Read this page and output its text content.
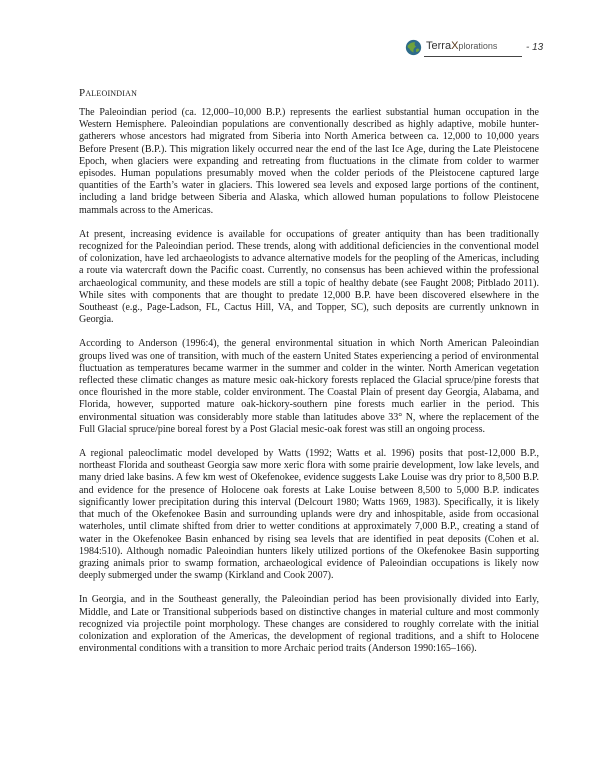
TerraXplorations	- 13
Paleoindian

The Paleoindian period (ca. 12,000–10,000 B.P.) represents the earliest substantial human occupation in the Western Hemisphere. Paleoindian populations are conventionally described as highly adaptive, mobile hunter-gatherers whose ancestors had migrated from Siberia into North America between ca. 12,000 to 10,000 years Before Present (B.P.). This migration likely occurred near the end of the last Ice Age, during the Late Pleistocene Epoch, when glaciers were expanding and retreating from fluctuations in the climate from colder to warmer episodes. Human populations presumably moved when the colder periods of the Pleistocene captured large quantities of the Earth’s water in glaciers. This lowered sea levels and exposed large portions of the continent, including a land bridge between Siberia and Alaska, which allowed human populations to follow Pleistocene mammals across to the Americas.

At present, increasing evidence is available for occupations of greater antiquity than has been traditionally recognized for the Paleoindian period. These trends, along with additional deficiencies in the conventional model of colonization, have led archaeologists to advance alternative models for the peopling of the Americas, including a route via watercraft down the Pacific coast. Currently, no consensus has been achieved within the professional archaeological community, and these models are still a topic of healthy debate (see Faught 2008; Pitblado 2011). While sites with components that are thought to predate 12,000 B.P. have been discovered elsewhere in the Southeast (e.g., Page-Ladson, FL, Cactus Hill, VA, and Topper, SC), such deposits are currently unknown in Georgia.

According to Anderson (1996:4), the general environmental situation in which North American Paleoindian groups lived was one of transition, with much of the eastern United States experiencing a period of environmental fluctuation as temperatures became warmer in the summer and colder in the winter. North American vegetation reflected these climatic changes as mature mesic oak-hickory forests replaced the Glacial spruce/pine forests that once flourished in the more stable, colder environment. The Coastal Plain of present day Georgia, Alabama, and Florida, however, supported mature oak-hickory-southern pine forests much earlier in the period. This environmental situation was considerably more stable than latitudes above 33° N, where the replacement of the Full Glacial spruce/pine boreal forest by a Post Glacial mesic-oak forest was still an ongoing process.

A regional paleoclimatic model developed by Watts (1992; Watts et al. 1996) posits that post-12,000 B.P., northeast Florida and southeast Georgia saw more xeric flora with some prairie development, low lake levels, and many dried lake basins. A few km west of Okefenokee, evidence suggests Lake Louise was dry prior to 8,500 B.P. and evidence for the presence of Holocene oak forests at Lake Louise between 8,500 to 5,000 B.P. indicates significantly lower precipitation during this interval (Delcourt 1980; Watts 1969, 1983). Specifically, it is likely that much of the Okefenokee Basin and surrounding uplands were dry and inhospitable, aside from occasional waterholes, until climate shifted from drier to wetter conditions at approximately 7,000 B.P., creating a stand of water in the Okefenokee Basin enhanced by rising sea levels that are identified in peat deposits (Cohen et al. 1984:510). Although nomadic Paleoindian hunters likely utilized portions of the Okefenokee Basin supporting grazing animals prior to swamp formation, archaeological evidence of Paleoindian occupations is likely now deeply submerged under the swamp (Kirkland and Cook 2007).

In Georgia, and in the Southeast generally, the Paleoindian period has been provisionally divided into Early, Middle, and Late or Transitional subperiods based on distinctive changes in material culture and most commonly recognized via projectile point morphology. These changes are considered to roughly correlate with the initial colonization and exploration of the Americas, the development of regional traditions, and a shift to Holocene environmental conditions with a transition to more Archaic period traits (Anderson 1990:165–166).
